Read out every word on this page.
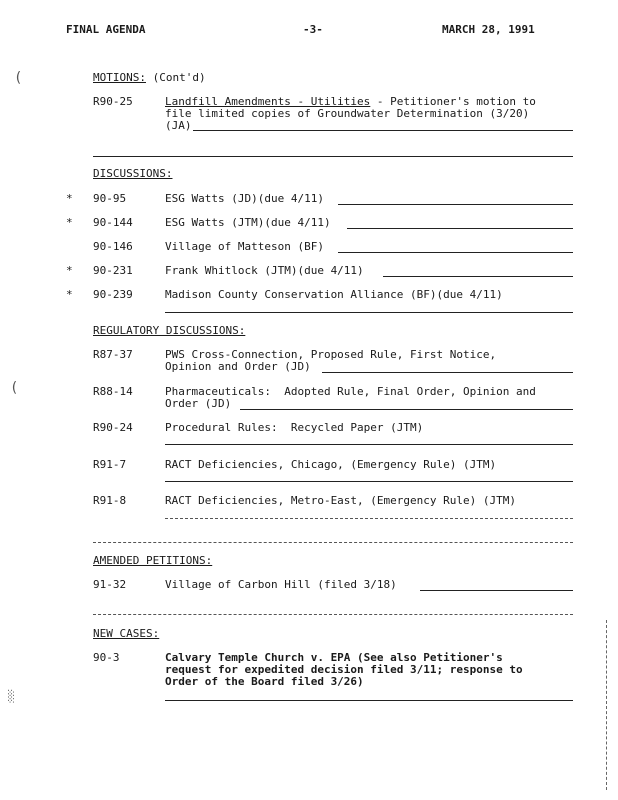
FINAL AGENDA	-3-	MARCH 28, 1991
(
(
░
MOTIONS: (Cont'd)
R90-25	Landfill Amendments - Utilities - Petitioner's motion to
file limited copies of Groundwater Determination (3/20)
(JA)
DISCUSSIONS:
* 90-95	ESG Watts (JD)(due 4/11)
* 90-144	ESG Watts (JTM)(due 4/11)
90-146	Village of Matteson (BF)
* 90-231	Frank Whitlock (JTM)(due 4/11)
* 90-239	Madison County Conservation Alliance (BF)(due 4/11)
REGULATORY DISCUSSIONS:
R87-37	PWS Cross-Connection, Proposed Rule, First Notice,
Opinion and Order (JD)
R88-14	Pharmaceuticals:  Adopted Rule, Final Order, Opinion and
Order (JD)
R90-24	Procedural Rules:  Recycled Paper (JTM)
R91-7	RACT Deficiencies, Chicago, (Emergency Rule) (JTM)
R91-8	RACT Deficiencies, Metro-East, (Emergency Rule) (JTM)
AMENDED PETITIONS:
91-32	Village of Carbon Hill (filed 3/18)
NEW CASES:
90-3	Calvary Temple Church v. EPA (See also Petitioner's
request for expedited decision filed 3/11; response to
Order of the Board filed 3/26)
